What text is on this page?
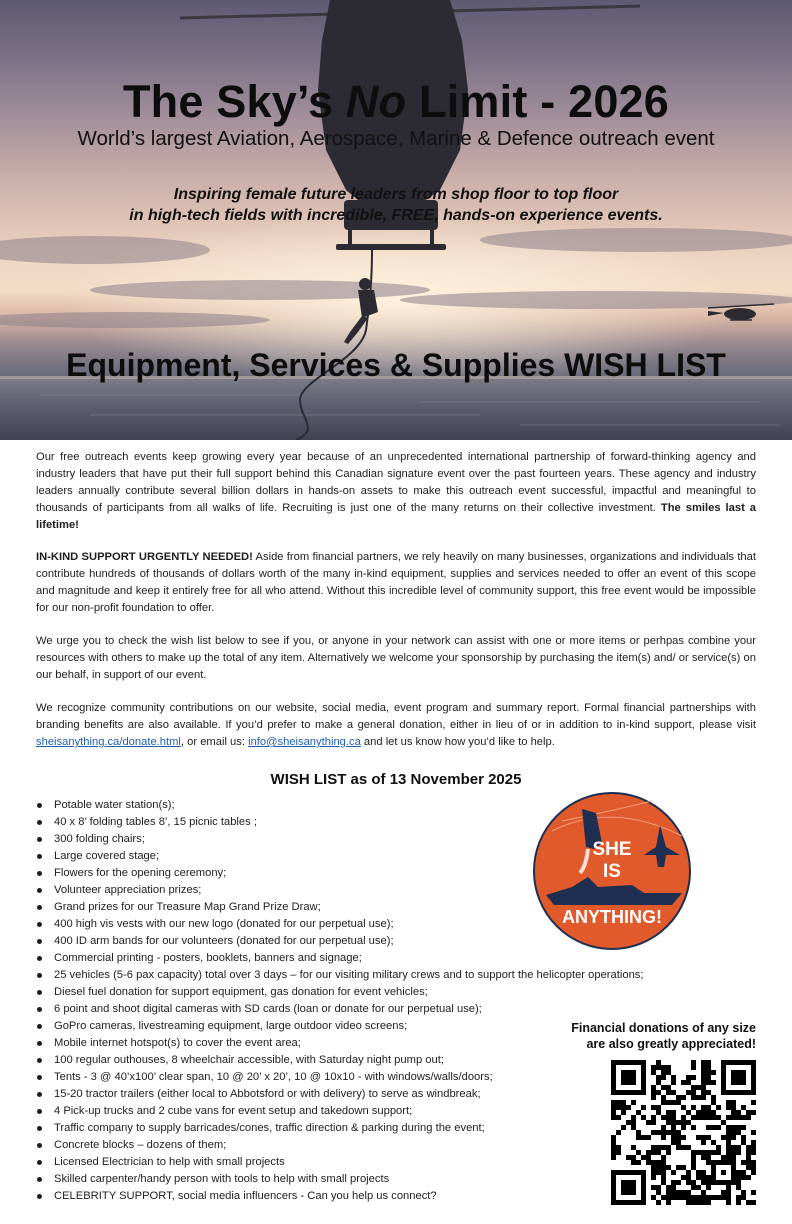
The Sky’s No Limit - 2026
World’s largest Aviation, Aerospace, Marine & Defence outreach event
Inspiring female future leaders from shop floor to top floor
in high-tech fields with incredible, FREE, hands-on experience events.
Equipment, Services & Supplies WISH LIST

Our free outreach events keep growing every year because of an unprecedented international partnership of forward-thinking agency and industry leaders that have put their full support behind this Canadian signature event over the past fourteen years. These agency and industry leaders annually contribute several billion dollars in hands-on assets to make this outreach event successful, impactful and meaningful to thousands of participants from all walks of life. Recruiting is just one of the many returns on their collective investment. The smiles last a lifetime!

IN-KIND SUPPORT URGENTLY NEEDED! Aside from financial partners, we rely heavily on many businesses, organizations and individuals that contribute hundreds of thousands of dollars worth of the many in-kind equipment, supplies and services needed to offer an event of this scope and magnitude and keep it entirely free for all who attend. Without this incredible level of community support, this free event would be impossible for our non-profit foundation to offer.

We urge you to check the wish list below to see if you, or anyone in your network can assist with one or more items or perhpas combine your resources with others to make up the total of any item. Alternatively we welcome your sponsorship by purchasing the item(s) and/ or service(s) on our behalf, in support of our event.

We recognize community contributions on our website, social media, event program and summary report. Formal financial partnerships with branding benefits are also available. If you’d prefer to make a general donation, either in lieu of or in addition to in-kind support, please visit sheisanything.ca/donate.html, or email us: info@sheisanything.ca and let us know how you’d like to help.

WISH LIST as of 13 November 2025
Potable water station(s);
40 x 8’ folding tables 8’, 15 picnic tables ;
300 folding chairs;
Large covered stage;
Flowers for the opening ceremony;
Volunteer appreciation prizes;
Grand prizes for our Treasure Map Grand Prize Draw;
400 high vis vests with our new logo (donated for our perpetual use);
400 ID arm bands for our volunteers (donated for our perpetual use);
Commercial printing - posters, booklets, banners and signage;
25 vehicles (5-6 pax capacity) total over 3 days – for our visiting military crews and to support the helicopter operations;
Diesel fuel donation for support equipment, gas donation for event vehicles;
6 point and shoot digital cameras with SD cards (loan or donate for our perpetual use);
GoPro cameras, livestreaming equipment, large outdoor video screens;
Mobile internet hotspot(s) to cover the event area;
100 regular outhouses, 8 wheelchair accessible, with Saturday night pump out;
Tents - 3 @ 40’x100’ clear span, 10 @ 20’ x 20’, 10 @ 10x10 - with windows/walls/doors;
15-20 tractor trailers (either local to Abbotsford or with delivery) to serve as windbreak;
4 Pick-up trucks and 2 cube vans for event setup and takedown support;
Traffic company to supply barricades/cones, traffic direction & parking during the event;
Concrete blocks – dozens of them;
Licensed Electrician to help with small projects
Skilled carpenter/handy person with tools to help with small projects
CELEBRITY SUPPORT, social media influencers - Can you help us connect?
SHE
IS
ANYTHING!
Financial donations of any size
are also greatly appreciated!
